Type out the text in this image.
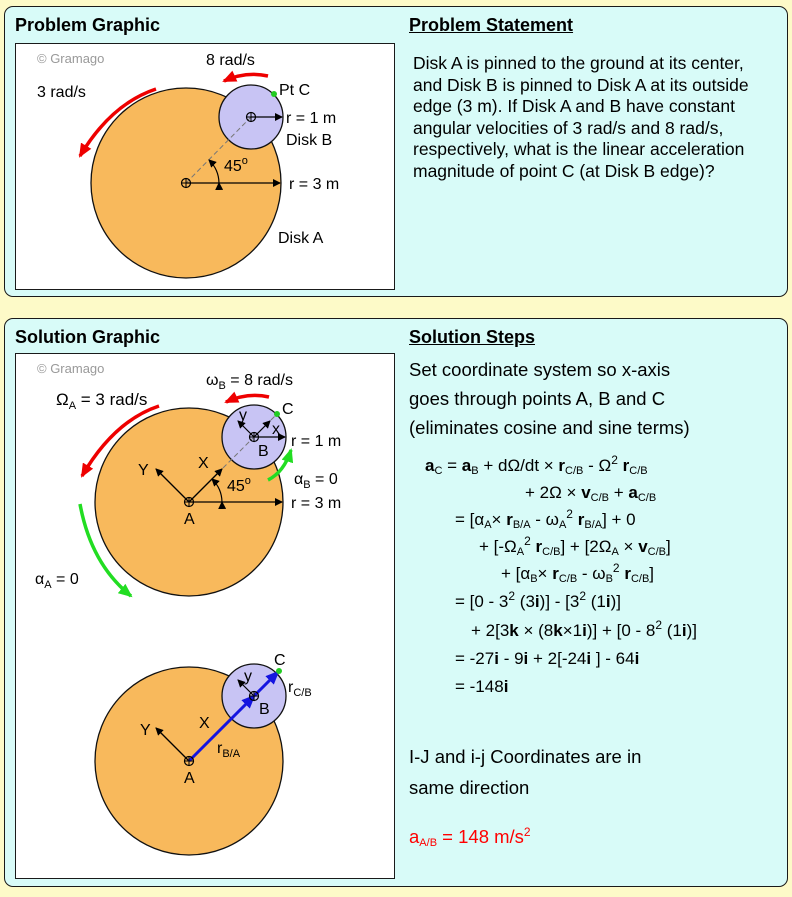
Problem Graphic	Problem Statement
© Gramago
3 rad/s
8 rad/s
Pt C
r = 1 m
Disk B
45$^o$
r = 3 m
Disk A
Disk A is pinned to the ground at its center, and Disk B is pinned to Disk A at its outside edge (3 m). If Disk A and B have constant angular velocities of 3 rad/s and 8 rad/s, respectively, what is the linear acceleration magnitude of point C (at Disk B edge)?
Solution Graphic	Solution Steps
© Gramago
$\Omega_A = 3$ rad/s
$\omega_B = 8$ rad/s
y C
x
r = 1 m
B
$\alpha_B = 0$
Y	X
45$^o$
r = 3 m
A
$\alpha_A = 0$
C
y
$r_{C/B}$
B
X
Y
$r_{B/A}$
A
Set coordinate system so x-axis
goes through points A, B and C
(eliminates cosine and sine terms)
$a_C = a_B + d\Omega/dt \times r_{C/B} - \Omega^2$ $r_{C/B}$
+ $2\Omega \times v_{C/B} + a_{C/B}$
= [$\alpha_A\times r_{B/A} - \omega_A^2$ $r_{B/A}] + 0$
+ [$-\Omega_A^2$ $r_{C/B}] + [2\Omega_A \times v_{C/B}]$
+ [$\alpha_B\times r_{C/B} - \omega_B^2$ $r_{C/B}$]
= [$0 - 3^2$ $(3i)] - [3^2$ (1i)]
+ $2[3k \times (8k\times 1i)] + [0 - 8^2$ (1i)]
= -27i - 9i + 2[-24i ] - 64i
= -148i
I-J and i-j Coordinates are in
same direction
$a_{A/B} = 148$ $m/s^2$
